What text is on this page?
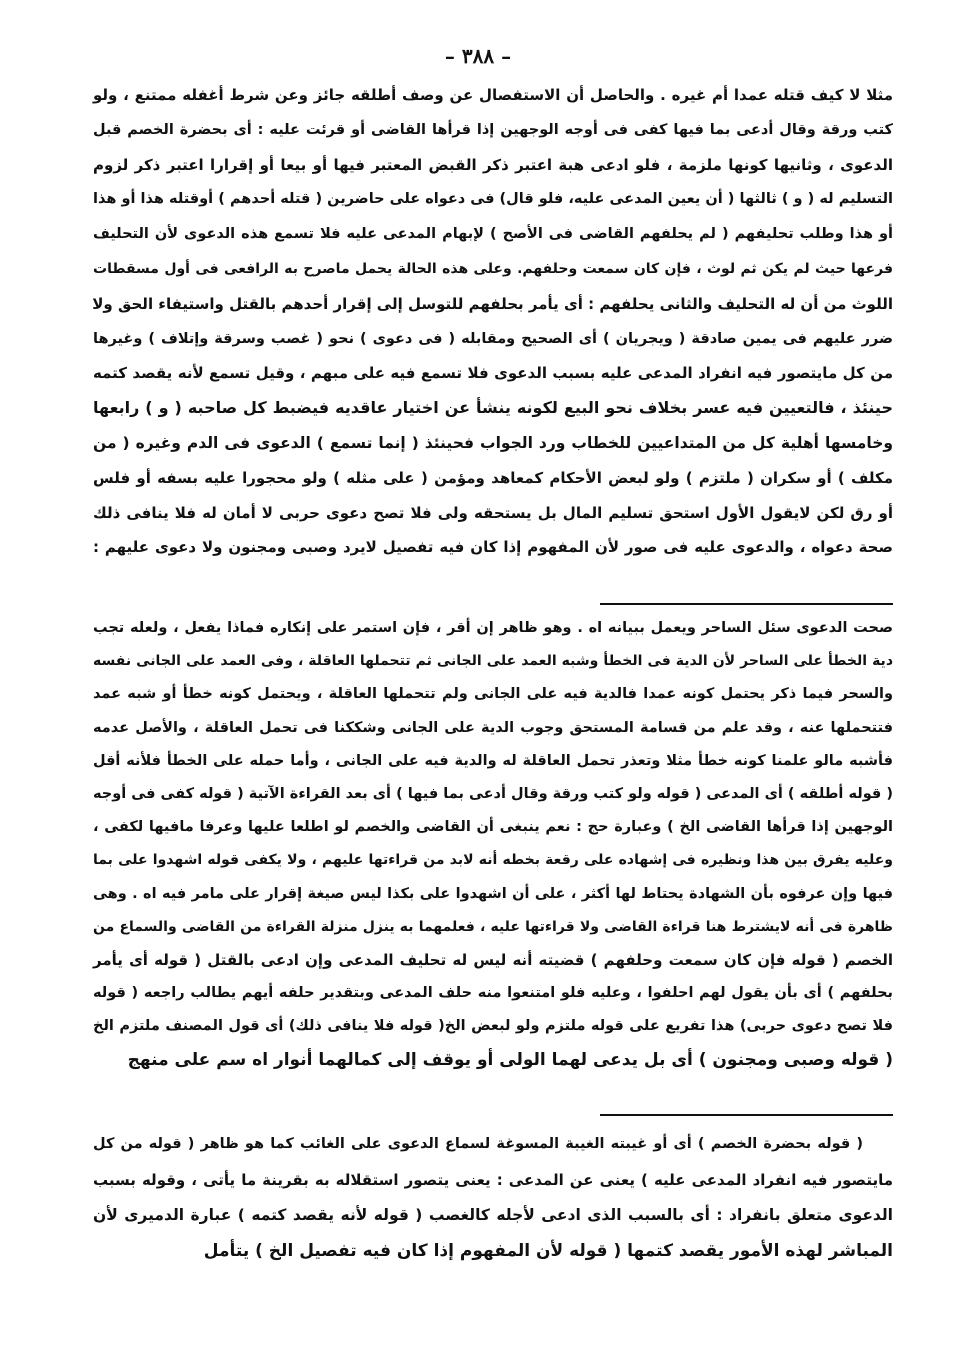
– ٣٨٨ –
مثلا لا كيف قتله عمدا أم غيره . والحاصل أن الاستفصال عن وصف أطلقه جائز وعن شرط أغفله ممتنع ، ولو
كتب ورقة وقال أدعى بما فيها كفى فى أوجه الوجهين إذا قرأها القاضى أو قرئت عليه : أى بحضرة الخصم قبل
الدعوى ، وثانيها كونها ملزمة ، فلو ادعى هبة اعتبر ذكر القبض المعتبر فيها أو بيعا أو إقرارا اعتبر ذكر لزوم
التسليم له ( و ) ثالثها ( أن يعين المدعى عليه، فلو قال) فى دعواه على حاضرين ( قتله أحدهم ) أوقتله هذا أو هذا
أو هذا وطلب تحليفهم ( لم يحلفهم القاضى فى الأصح ) لإبهام المدعى عليه فلا تسمع هذه الدعوى لأن التحليف
فرعها حيث لم يكن ثم لوث ، فإن كان سمعت وحلفهم. وعلى هذه الحالة يحمل ماصرح به الرافعى فى أول مسقطات
اللوث من أن له التحليف والثانى يحلفهم : أى يأمر بحلفهم للتوسل إلى إقرار أحدهم بالقتل واستيفاء الحق ولا
ضرر عليهم فى يمين صادقة ( ويجريان ) أى الصحيح ومقابله ( فى دعوى ) نحو ( غصب وسرقة وإتلاف ) وغيرها
من كل مايتصور فيه انفراد المدعى عليه بسبب الدعوى فلا تسمع فيه على مبهم ، وقيل تسمع لأنه يقصد كتمه
حينئذ ، فالتعيين فيه عسر بخلاف نحو البيع لكونه ينشأ عن اختيار عاقديه فيضبط كل صاحبه ( و ) رابعها
وخامسها أهلية كل من المتداعيين للخطاب ورد الجواب فحينئذ ( إنما تسمع ) الدعوى فى الدم وغيره ( من
مكلف ) أو سكران ( ملتزم ) ولو لبعض الأحكام كمعاهد ومؤمن ( على مثله ) ولو محجورا عليه بسفه أو فلس
أو رق لكن لايقول الأول استحق تسليم المال بل يستحقه ولى فلا تصح دعوى حربى لا أمان له فلا ينافى ذلك
صحة دعواه ، والدعوى عليه فى صور لأن المفهوم إذا كان فيه تفصيل لايرد وصبى ومجنون ولا دعوى عليهم :
صحت الدعوى سئل الساحر ويعمل ببيانه اه . وهو ظاهر إن أقر ، فإن استمر على إنكاره فماذا يفعل ، ولعله تجب
دية الخطأ على الساحر لأن الدية فى الخطأ وشبه العمد على الجانى ثم تتحملها العاقلة ، وفى العمد على الجانى نفسه
والسحر فيما ذكر يحتمل كونه عمدا فالدية فيه على الجانى ولم تتحملها العاقلة ، ويحتمل كونه خطأ أو شبه عمد
فتتحملها عنه ، وقد علم من قسامة المستحق وجوب الدية على الجانى وشككنا فى تحمل العاقلة ، والأصل عدمه
فأشبه مالو علمنا كونه خطأ مثلا وتعذر تحمل العاقلة له والدية فيه على الجانى ، وأما حمله على الخطأ فلأنه أقل
( قوله أطلقه ) أى المدعى ( قوله ولو كتب ورقة وقال أدعى بما فيها ) أى بعد القراءة الآتية ( قوله كفى فى أوجه
الوجهين إذا قرأها القاضى الخ ) وعبارة حج : نعم ينبغى أن القاضى والخصم لو اطلعا عليها وعرفا مافيها لكفى ،
وعليه يفرق بين هذا ونظيره فى إشهاده على رقعة بخطه أنه لابد من قراءتها عليهم ، ولا يكفى قوله اشهدوا على بما
فيها وإن عرفوه بأن الشهادة يحتاط لها أكثر ، على أن اشهدوا على بكذا ليس صيغة إقرار على مامر فيه اه . وهى
ظاهرة فى أنه لايشترط هنا قراءة القاضى ولا قراءتها عليه ، فعلمهما به ينزل منزلة القراءة من القاضى والسماع من
الخصم ( قوله فإن كان سمعت وحلفهم ) قضيته أنه ليس له تحليف المدعى وإن ادعى بالقتل ( قوله أى يأمر
بحلفهم ) أى بأن يقول لهم احلفوا ، وعليه فلو امتنعوا منه حلف المدعى وبتقدير حلفه أيهم يطالب راجعه ( قوله
فلا تصح دعوى حربى) هذا تفريع على قوله ملتزم ولو لبعض الخ( قوله فلا ينافى ذلك) أى قول المصنف ملتزم الخ
( قوله وصبى ومجنون ) أى بل يدعى لهما الولى أو يوقف إلى كمالهما أنوار اه سم على منهج
( قوله بحضرة الخصم ) أى أو غيبته الغيبة المسوغة لسماع الدعوى على الغائب كما هو ظاهر ( قوله من كل
مايتصور فيه انفراد المدعى عليه ) يعنى عن المدعى : يعنى يتصور استقلاله به بقرينة ما يأتى ، وقوله بسبب
الدعوى متعلق بانفراد : أى بالسبب الذى ادعى لأجله كالغصب ( قوله لأنه يقصد كتمه ) عبارة الدميرى لأن
المباشر لهذه الأمور يقصد كتمها ( قوله لأن المفهوم إذا كان فيه تفصيل الخ ) يتأمل
